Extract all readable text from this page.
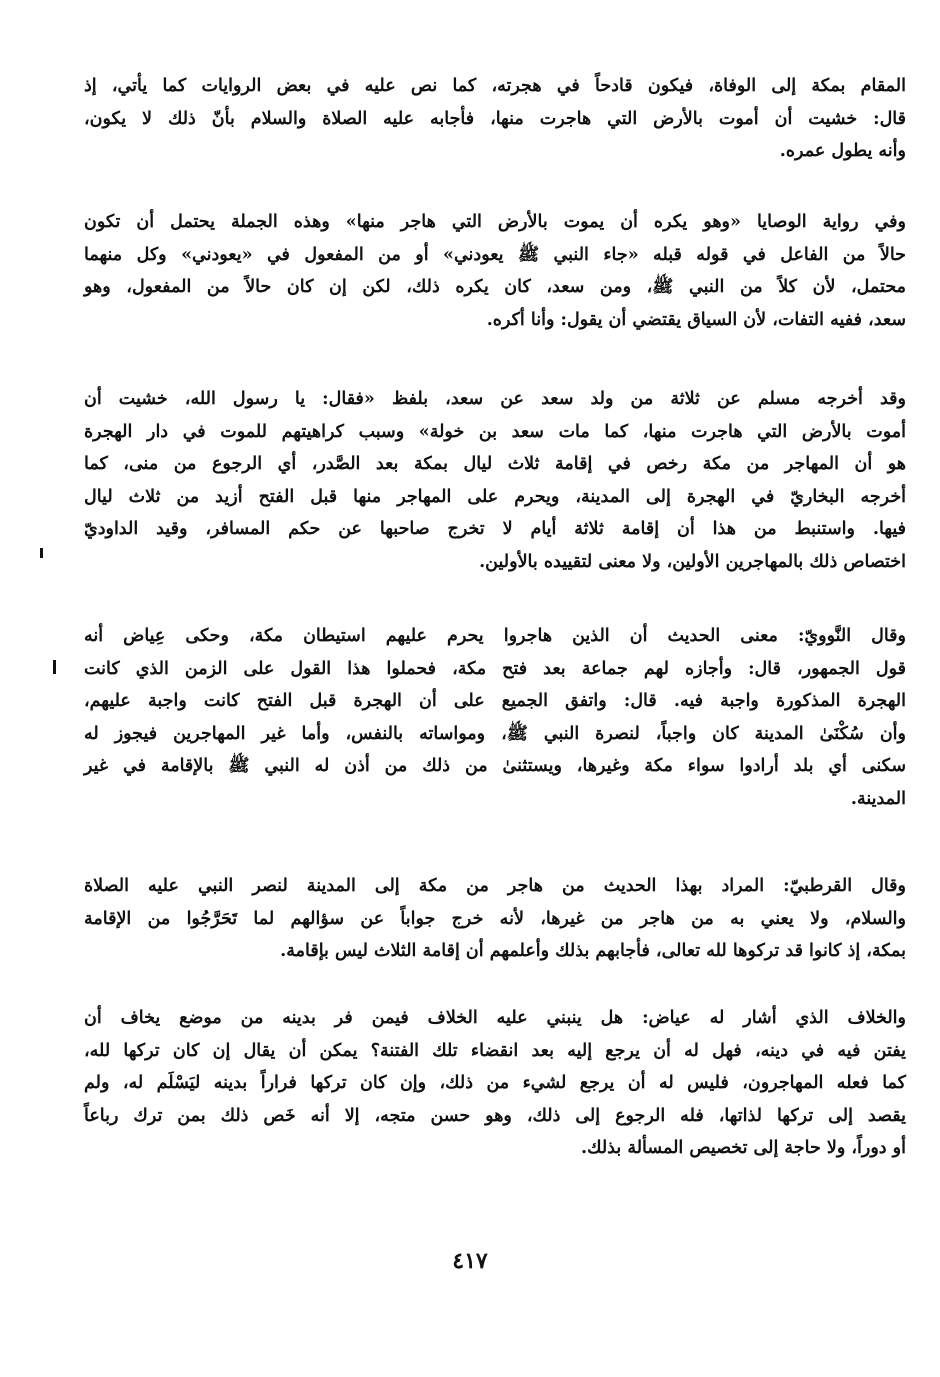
المقام بمكة إلى الوفاة، فيكون قادحاً في هجرته، كما نص عليه في بعض الروايات كما يأتي، إذ
قال: خشيت أن أموت بالأرض التي هاجرت منها، فأجابه عليه الصلاة والسلام بأنّ ذلك لا يكون،
وأنه يطول عمره.
وفي رواية الوصايا «وهو يكره أن يموت بالأرض التي هاجر منها» وهذه الجملة يحتمل أن تكون
حالاً من الفاعل في قوله قبله «جاء النبي ﷺ يعودني» أو من المفعول في «يعودني» وكل منهما
محتمل، لأن كلاً من النبي ﷺ، ومن سعد، كان يكره ذلك، لكن إن كان حالاً من المفعول، وهو
سعد، ففيه التفات، لأن السياق يقتضي أن يقول: وأنا أكره.
وقد أخرجه مسلم عن ثلاثة من ولد سعد عن سعد، بلفظ «فقال: يا رسول الله، خشيت أن
أموت بالأرض التي هاجرت منها، كما مات سعد بن خولة» وسبب كراهيتهم للموت في دار الهجرة
هو أن المهاجر من مكة رخص في إقامة ثلاث ليال بمكة بعد الصَّدر، أي الرجوع من منى، كما
أخرجه البخاريّ في الهجرة إلى المدينة، ويحرم على المهاجر منها قبل الفتح أزيد من ثلاث ليال
فيها. واستنبط من هذا أن إقامة ثلاثة أيام لا تخرج صاحبها عن حكم المسافر، وقيد الداوديّ
اختصاص ذلك بالمهاجرين الأولين، ولا معنى لتقييده بالأولين.
وقال النَّوويّ: معنى الحديث أن الذين هاجروا يحرم عليهم استيطان مكة، وحكى عِياض أنه
قول الجمهور، قال: وأجازه لهم جماعة بعد فتح مكة، فحملوا هذا القول على الزمن الذي كانت
الهجرة المذكورة واجبة فيه. قال: واتفق الجميع على أن الهجرة قبل الفتح كانت واجبة عليهم،
وأن سُكْنَىٰ المدينة كان واجباً، لنصرة النبي ﷺ، ومواساته بالنفس، وأما غير المهاجرين فيجوز له
سكنى أي بلد أرادوا سواء مكة وغيرها، ويستثنىٰ من ذلك من أذن له النبي ﷺ بالإقامة في غير
المدينة.
وقال القرطبيّ: المراد بهذا الحديث من هاجر من مكة إلى المدينة لنصر النبي عليه الصلاة
والسلام، ولا يعني به من هاجر من غيرها، لأنه خرج جواباً عن سؤالهم لما تَحَرَّجُوا من الإقامة
بمكة، إذ كانوا قد تركوها لله تعالى، فأجابهم بذلك وأعلمهم أن إقامة الثلاث ليس بإقامة.
والخلاف الذي أشار له عياض: هل ينبني عليه الخلاف فيمن فر بدينه من موضع يخاف أن
يفتن فيه في دينه، فهل له أن يرجع إليه بعد انقضاء تلك الفتنة؟ يمكن أن يقال إن كان تركها لله،
كما فعله المهاجرون، فليس له أن يرجع لشيء من ذلك، وإن كان تركها فراراً بدينه ليَسْلَم له، ولم
يقصد إلى تركها لذاتها، فله الرجوع إلى ذلك، وهو حسن متجه، إلا أنه خَص ذلك بمن ترك رباعاً
أو دوراً، ولا حاجة إلى تخصيص المسألة بذلك.
٤١٧
